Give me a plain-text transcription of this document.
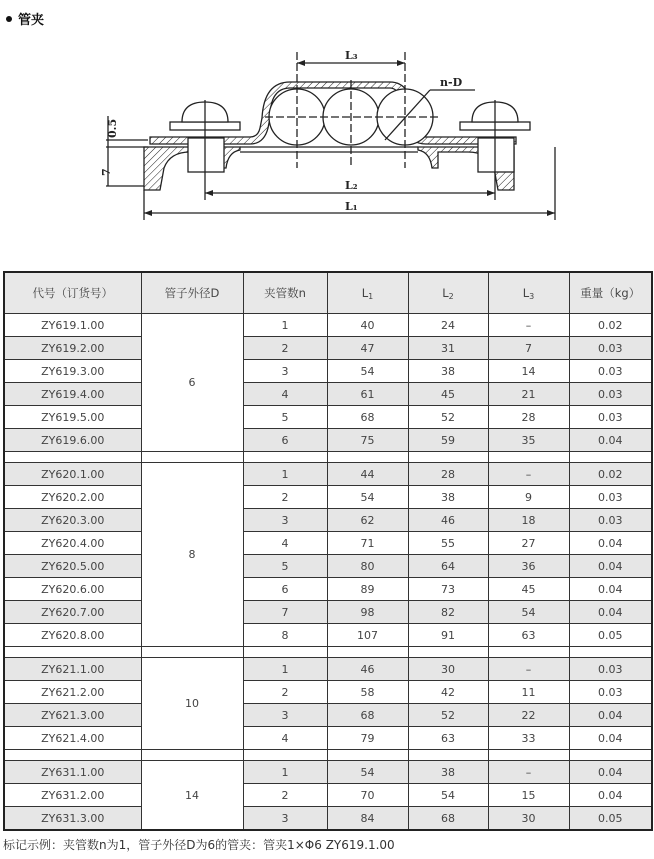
管夹
L₃
L₂
L₁
n-D
0.5
7
代号（订货号）	管子外径D	夹管数n	$L_1$	$L_2$	$L_3$	重量（kg）
ZY619.1.00	6	1	40	24	–	0.02
ZY619.2.00		2	47	31	7	0.03
ZY619.3.00		3	54	38	14	0.03
ZY619.4.00		4	61	45	21	0.03
ZY619.5.00		5	68	52	28	0.03
ZY619.6.00		6	75	59	35	0.04

ZY620.1.00	8	1	44	28	–	0.02
ZY620.2.00		2	54	38	9	0.03
ZY620.3.00		3	62	46	18	0.03
ZY620.4.00		4	71	55	27	0.04
ZY620.5.00		5	80	64	36	0.04
ZY620.6.00		6	89	73	45	0.04
ZY620.7.00		7	98	82	54	0.04
ZY620.8.00		8	107	91	63	0.05

ZY621.1.00	10	1	46	30	–	0.03
ZY621.2.00		2	58	42	11	0.03
ZY621.3.00		3	68	52	22	0.04
ZY621.4.00		4	79	63	33	0.04

ZY631.1.00	14	1	54	38	–	0.04
ZY631.2.00		2	70	54	15	0.04
ZY631.3.00		3	84	68	30	0.05
标记示例：夹管数n为1，管子外径D为6的管夹：管夹1×Φ6 ZY619.1.00
